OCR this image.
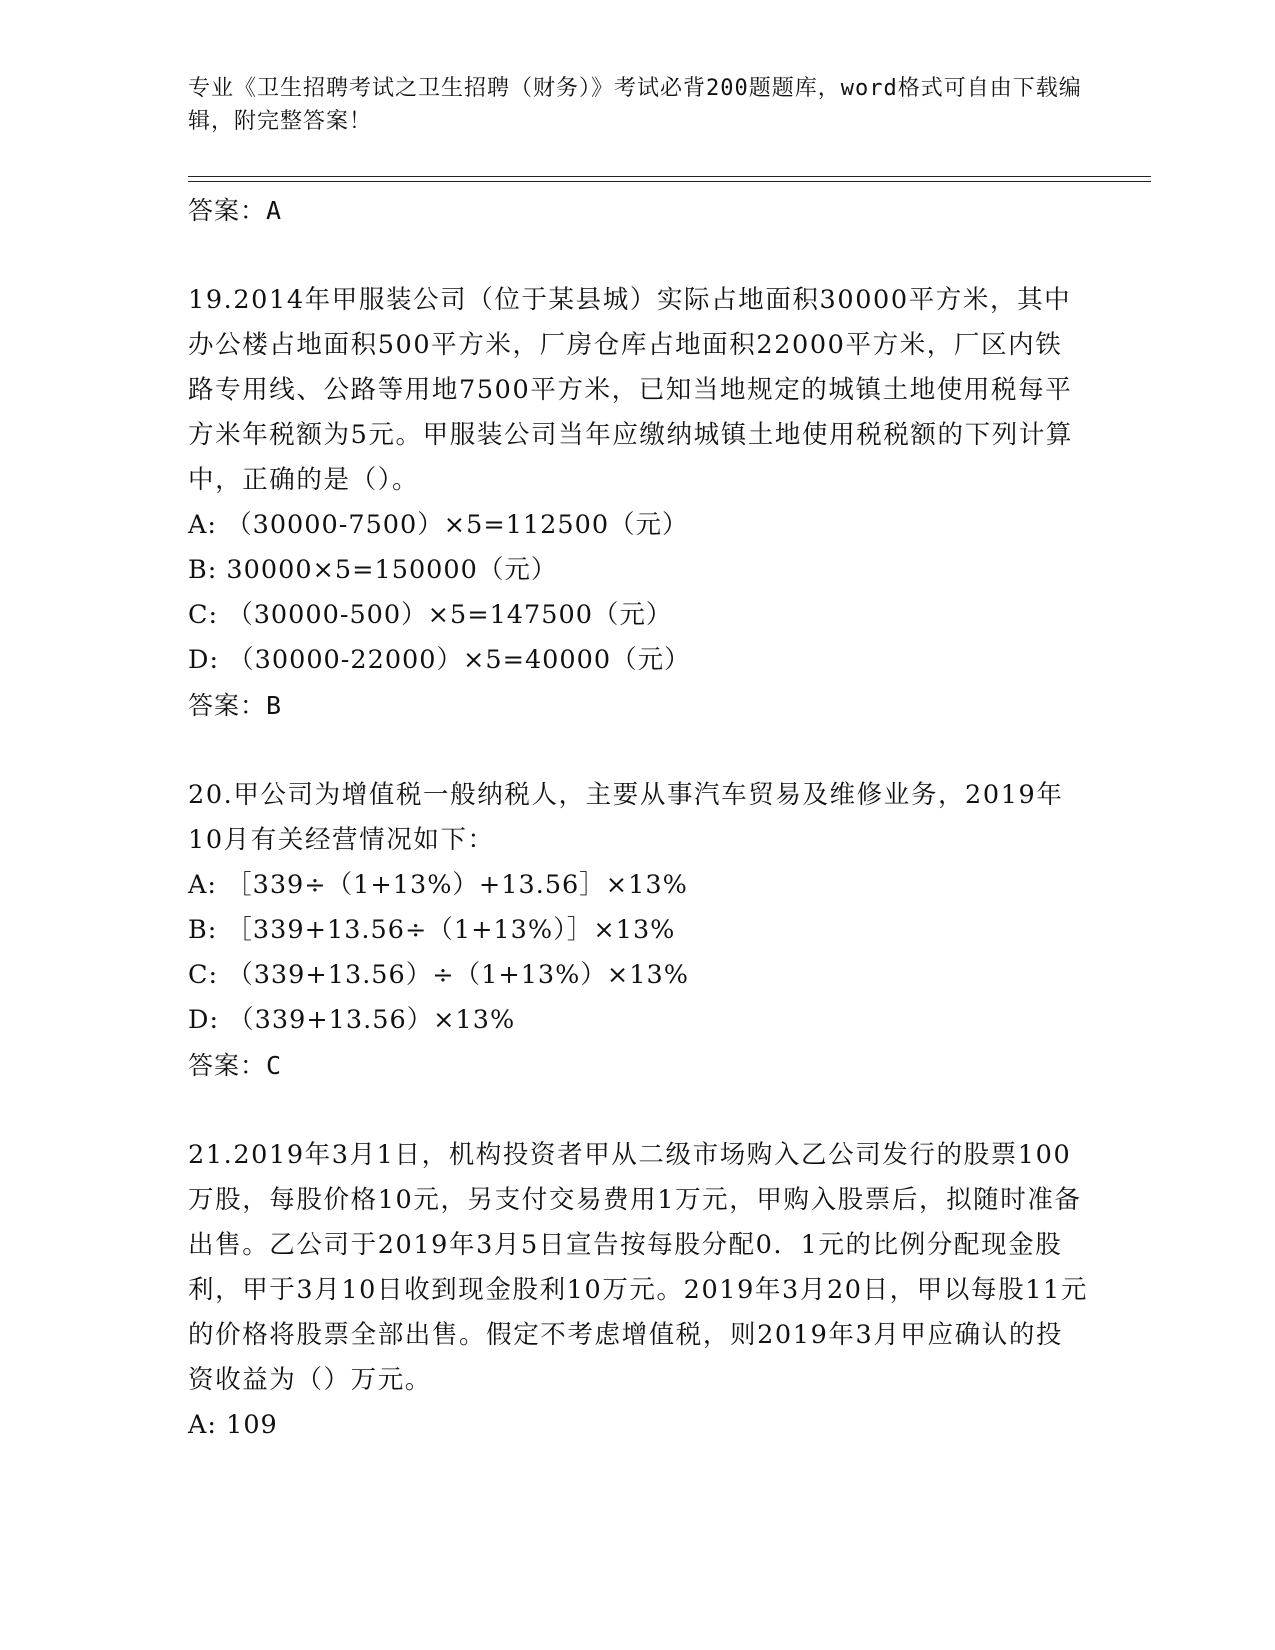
专业《卫生招聘考试之卫生招聘（财务）》考试必背200题题库，word格式可自由下载编辑，附完整答案！
答案：A
19.2014年甲服装公司（位于某县城）实际占地面积30000平方米，其中办公楼占地面积500平方米，厂房仓库占地面积22000平方米，厂区内铁路专用线、公路等用地7500平方米，已知当地规定的城镇土地使用税每平方米年税额为5元。甲服装公司当年应缴纳城镇土地使用税税额的下列计算中，正确的是（）。
A: （30000-7500）×5=112500（元）
B: 30000×5=150000（元）
C: （30000-500）×5=147500（元）
D: （30000-22000）×5=40000（元）
答案：B
20.甲公司为增值税一般纳税人，主要从事汽车贸易及维修业务，2019年10月有关经营情况如下：
A: ［339÷（1+13%）+13.56］×13%
B: ［339+13.56÷（1+13%）］×13%
C: （339+13.56）÷（1+13%）×13%
D: （339+13.56）×13%
答案：C
21.2019年3月1日，机构投资者甲从二级市场购入乙公司发行的股票100万股，每股价格10元，另支付交易费用1万元，甲购入股票后，拟随时准备出售。乙公司于2019年3月5日宣告按每股分配0．1元的比例分配现金股利，甲于3月10日收到现金股利10万元。2019年3月20日，甲以每股11元的价格将股票全部出售。假定不考虑增值税，则2019年3月甲应确认的投资收益为（）万元。
A: 109
